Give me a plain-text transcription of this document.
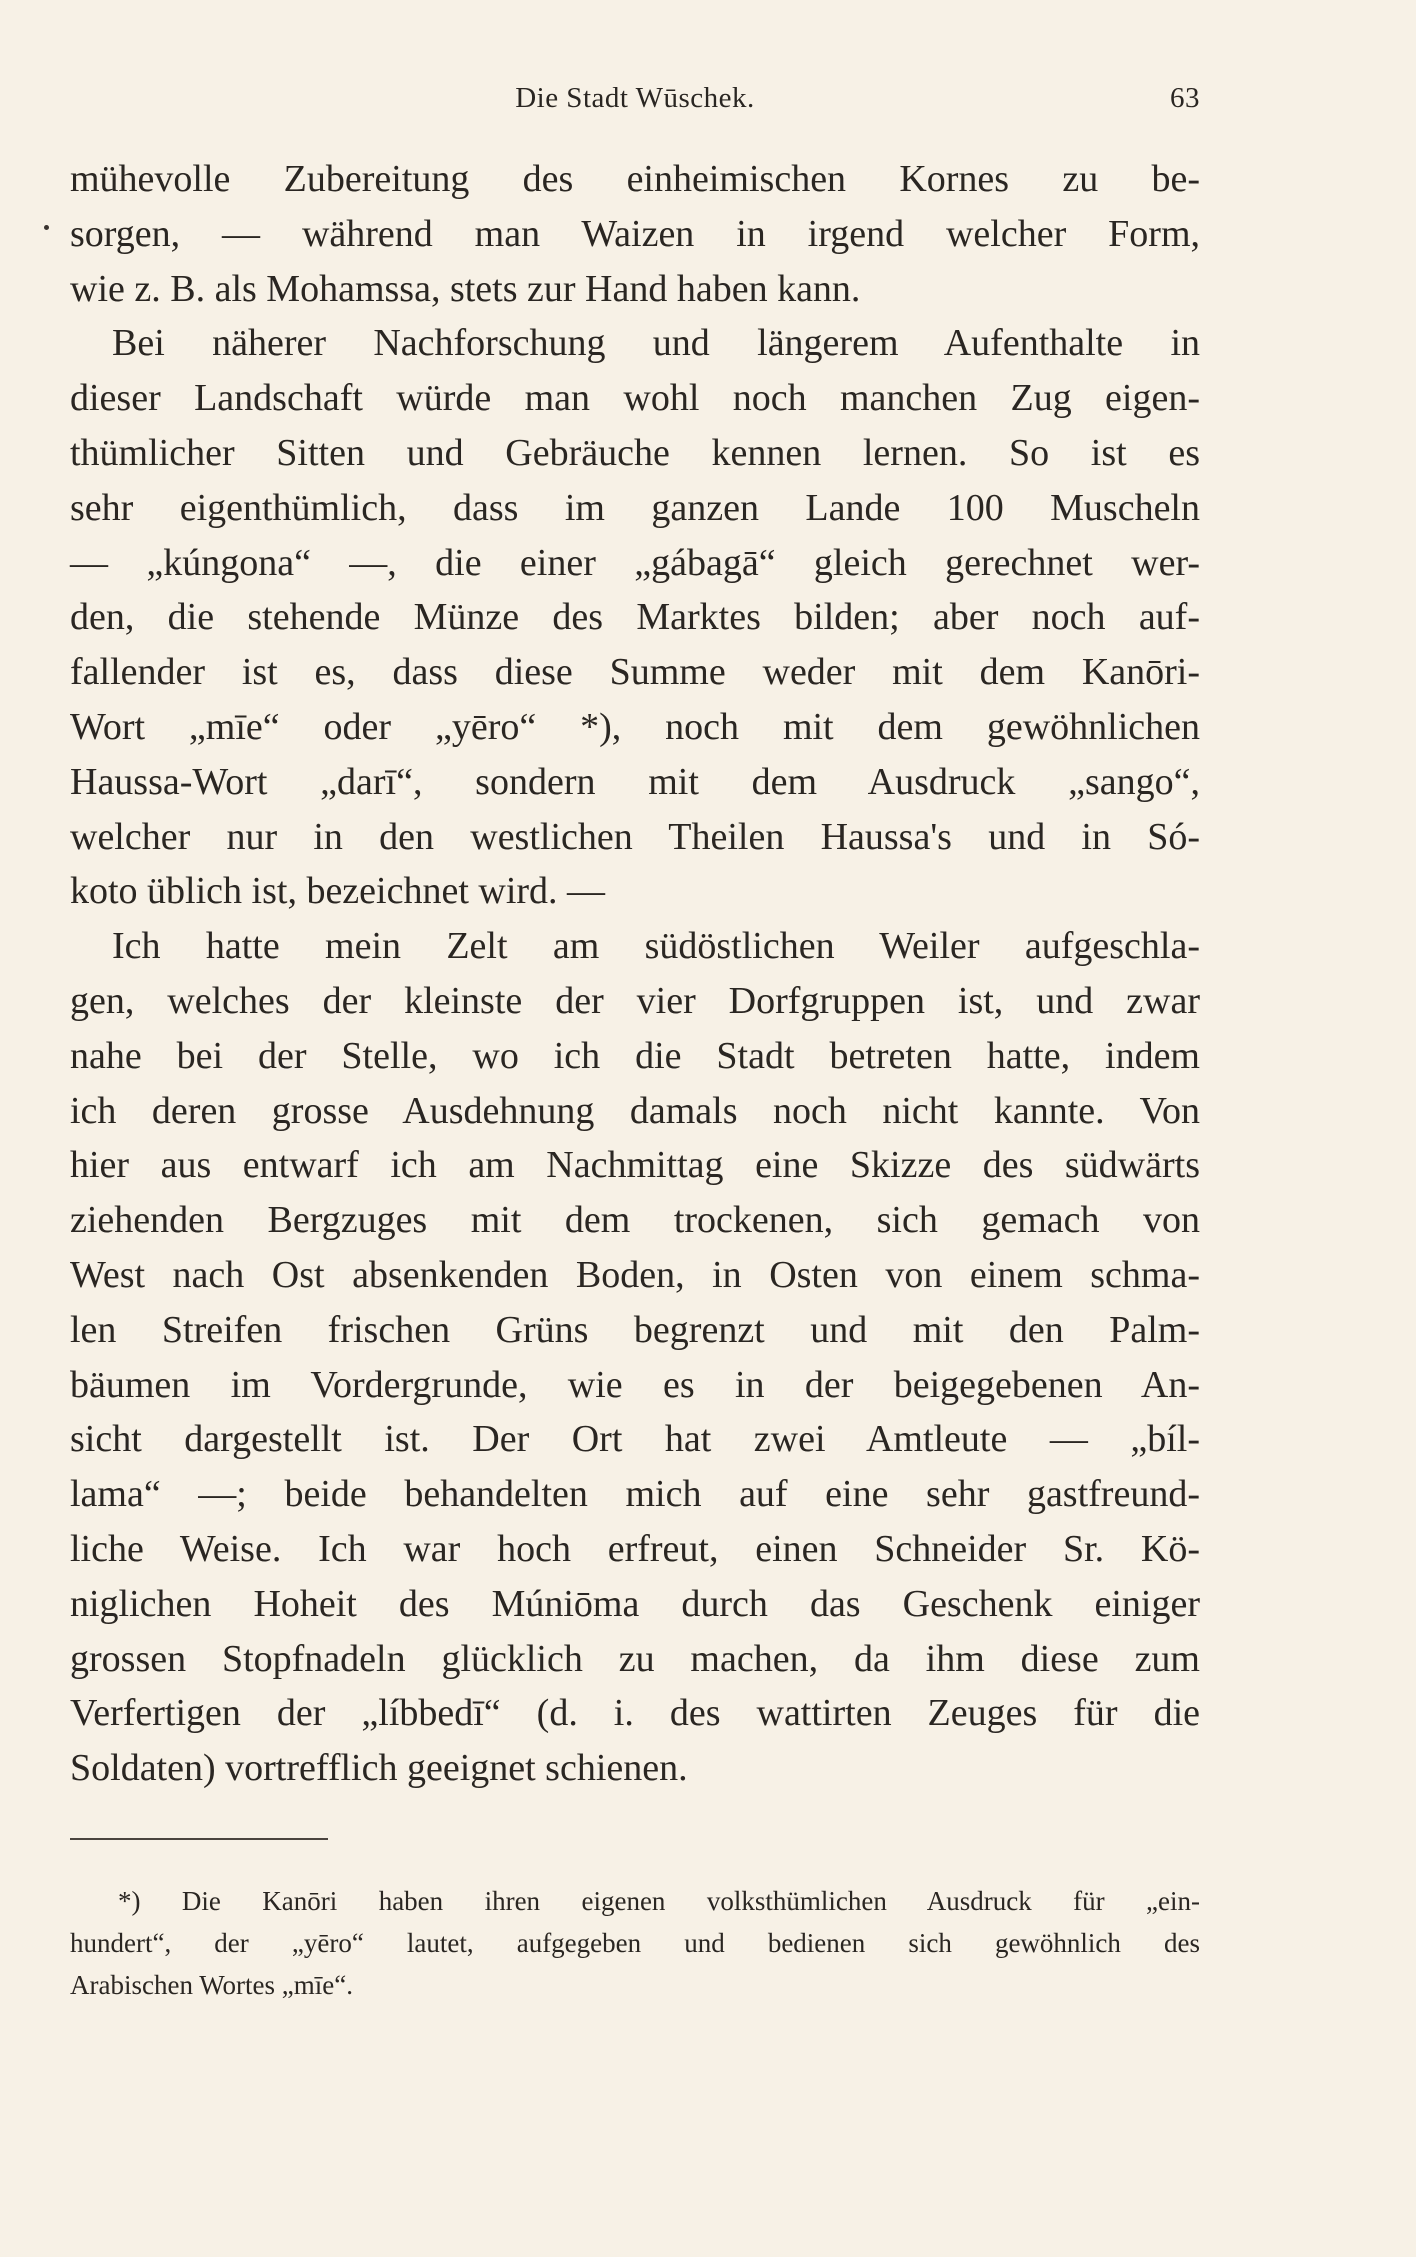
Die Stadt Wūschek.	63
mühevolle Zubereitung des einheimischen Kornes zu be-
sorgen, — während man Waizen in irgend welcher Form,
wie z. B. als Mohamssa, stets zur Hand haben kann.
Bei näherer Nachforschung und längerem Aufenthalte in
dieser Landschaft würde man wohl noch manchen Zug eigen-
thümlicher Sitten und Gebräuche kennen lernen. So ist es
sehr eigenthümlich, dass im ganzen Lande 100 Muscheln
— „kúngona“ —, die einer „gábagā“ gleich gerechnet wer-
den, die stehende Münze des Marktes bilden; aber noch auf-
fallender ist es, dass diese Summe weder mit dem Kanōri-
Wort „mīe“ oder „yēro“ *), noch mit dem gewöhnlichen
Haussa-Wort „darī“, sondern mit dem Ausdruck „sango“,
welcher nur in den westlichen Theilen Haussa's und in Só-
koto üblich ist, bezeichnet wird. —
Ich hatte mein Zelt am südöstlichen Weiler aufgeschla-
gen, welches der kleinste der vier Dorfgruppen ist, und zwar
nahe bei der Stelle, wo ich die Stadt betreten hatte, indem
ich deren grosse Ausdehnung damals noch nicht kannte. Von
hier aus entwarf ich am Nachmittag eine Skizze des südwärts
ziehenden Bergzuges mit dem trockenen, sich gemach von
West nach Ost absenkenden Boden, in Osten von einem schma-
len Streifen frischen Grüns begrenzt und mit den Palm-
bäumen im Vordergrunde, wie es in der beigegebenen An-
sicht dargestellt ist. Der Ort hat zwei Amtleute — „bíl-
lama“ —; beide behandelten mich auf eine sehr gastfreund-
liche Weise. Ich war hoch erfreut, einen Schneider Sr. Kö-
niglichen Hoheit des Múniōma durch das Geschenk einiger
grossen Stopfnadeln glücklich zu machen, da ihm diese zum
Verfertigen der „líbbedī“ (d. i. des wattirten Zeuges für die
Soldaten) vortrefflich geeignet schienen.
*) Die Kanōri haben ihren eigenen volksthümlichen Ausdruck für „ein-
hundert“, der „yēro“ lautet, aufgegeben und bedienen sich gewöhnlich des
Arabischen Wortes „mīe“.
